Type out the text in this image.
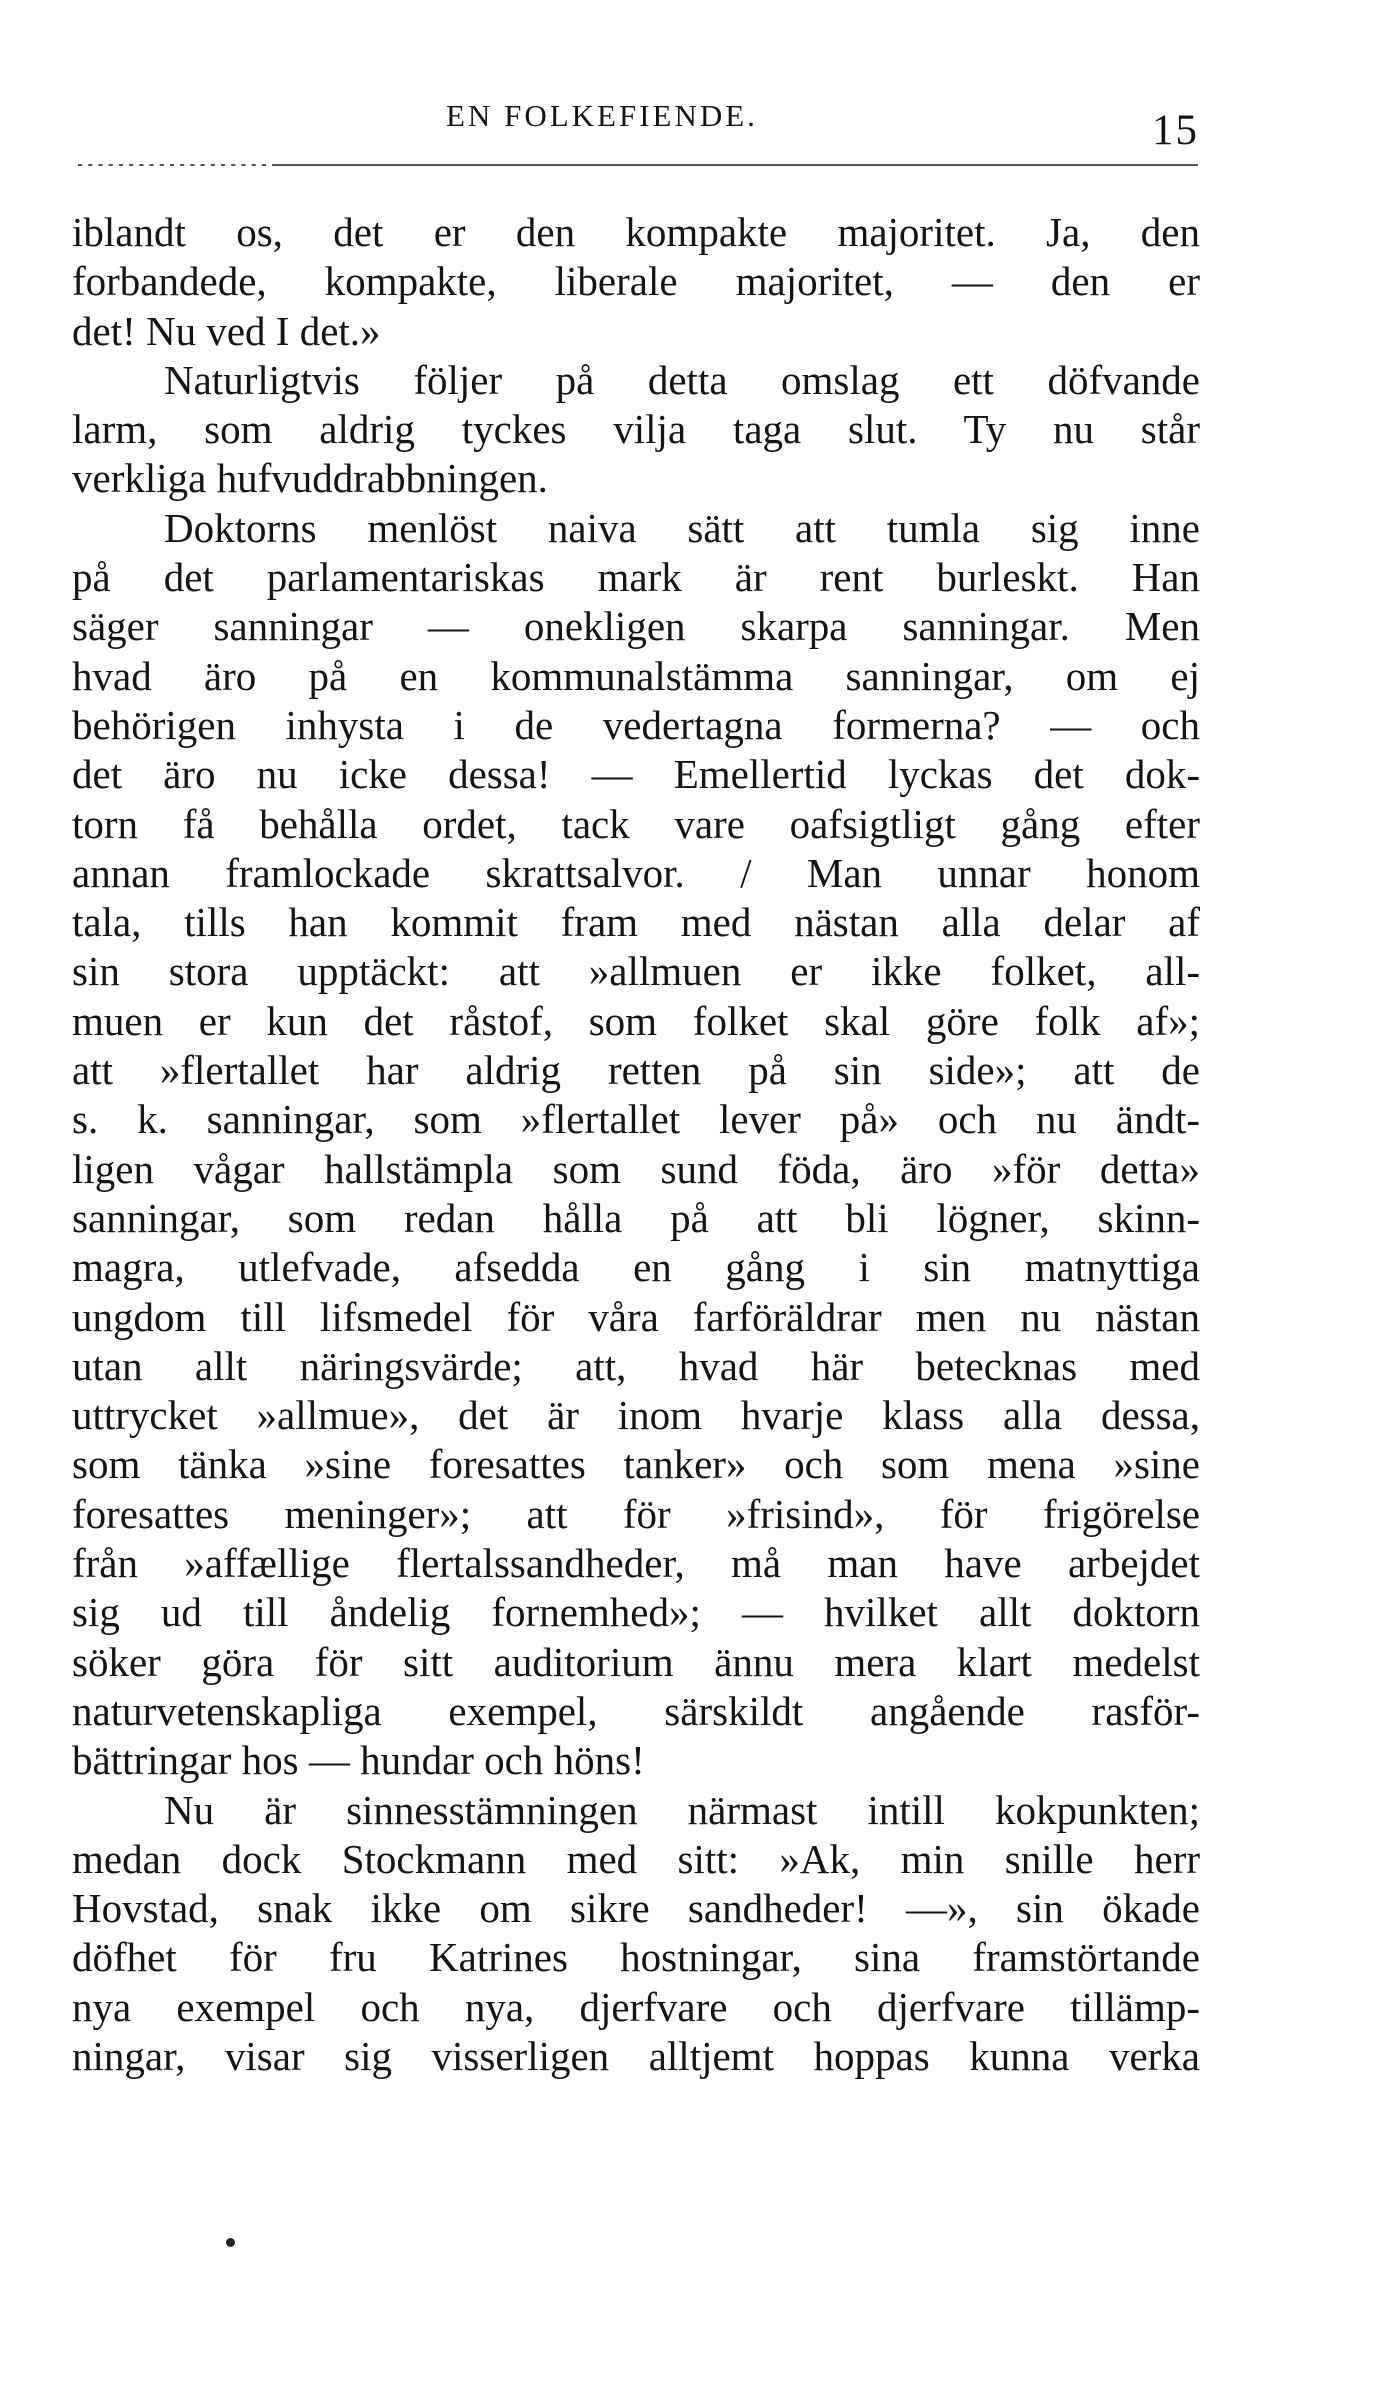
EN FOLKEFIENDE.	15
iblandt os, det er den kompakte majoritet. Ja, den
forbandede, kompakte, liberale majoritet, — den er
det! Nu ved I det.»
Naturligtvis följer på detta omslag ett döfvande
larm, som aldrig tyckes vilja taga slut. Ty nu står
verkliga hufvuddrabbningen.
Doktorns menlöst naiva sätt att tumla sig inne
på det parlamentariskas mark är rent burleskt. Han
säger sanningar — onekligen skarpa sanningar. Men
hvad äro på en kommunalstämma sanningar, om ej
behörigen inhysta i de vedertagna formerna? — och
det äro nu icke dessa! — Emellertid lyckas det dok-
torn få behålla ordet, tack vare oafsigtligt gång efter
annan framlockade skrattsalvor. / Man unnar honom
tala, tills han kommit fram med nästan alla delar af
sin stora upptäckt: att »allmuen er ikke folket, all-
muen er kun det råstof, som folket skal göre folk af»;
att »flertallet har aldrig retten på sin side»; att de
s. k. sanningar, som »flertallet lever på» och nu ändt-
ligen vågar hallstämpla som sund föda, äro »för detta»
sanningar, som redan hålla på att bli lögner, skinn-
magra, utlefvade, afsedda en gång i sin matnyttiga
ungdom till lifsmedel för våra farföräldrar men nu nästan
utan allt näringsvärde; att, hvad här betecknas med
uttrycket »allmue», det är inom hvarje klass alla dessa,
som tänka »sine foresattes tanker» och som mena »sine
foresattes meninger»; att för »frisind», för frigörelse
från »affællige flertalssandheder, må man have arbejdet
sig ud till åndelig fornemhed»; — hvilket allt doktorn
söker göra för sitt auditorium ännu mera klart medelst
naturvetenskapliga exempel, särskildt angående rasför-
bättringar hos — hundar och höns!
Nu är sinnesstämningen närmast intill kokpunkten;
medan dock Stockmann med sitt: »Ak, min snille herr
Hovstad, snak ikke om sikre sandheder! —», sin ökade
döfhet för fru Katrines hostningar, sina framstörtande
nya exempel och nya, djerfvare och djerfvare tillämp-
ningar, visar sig visserligen alltjemt hoppas kunna verka
